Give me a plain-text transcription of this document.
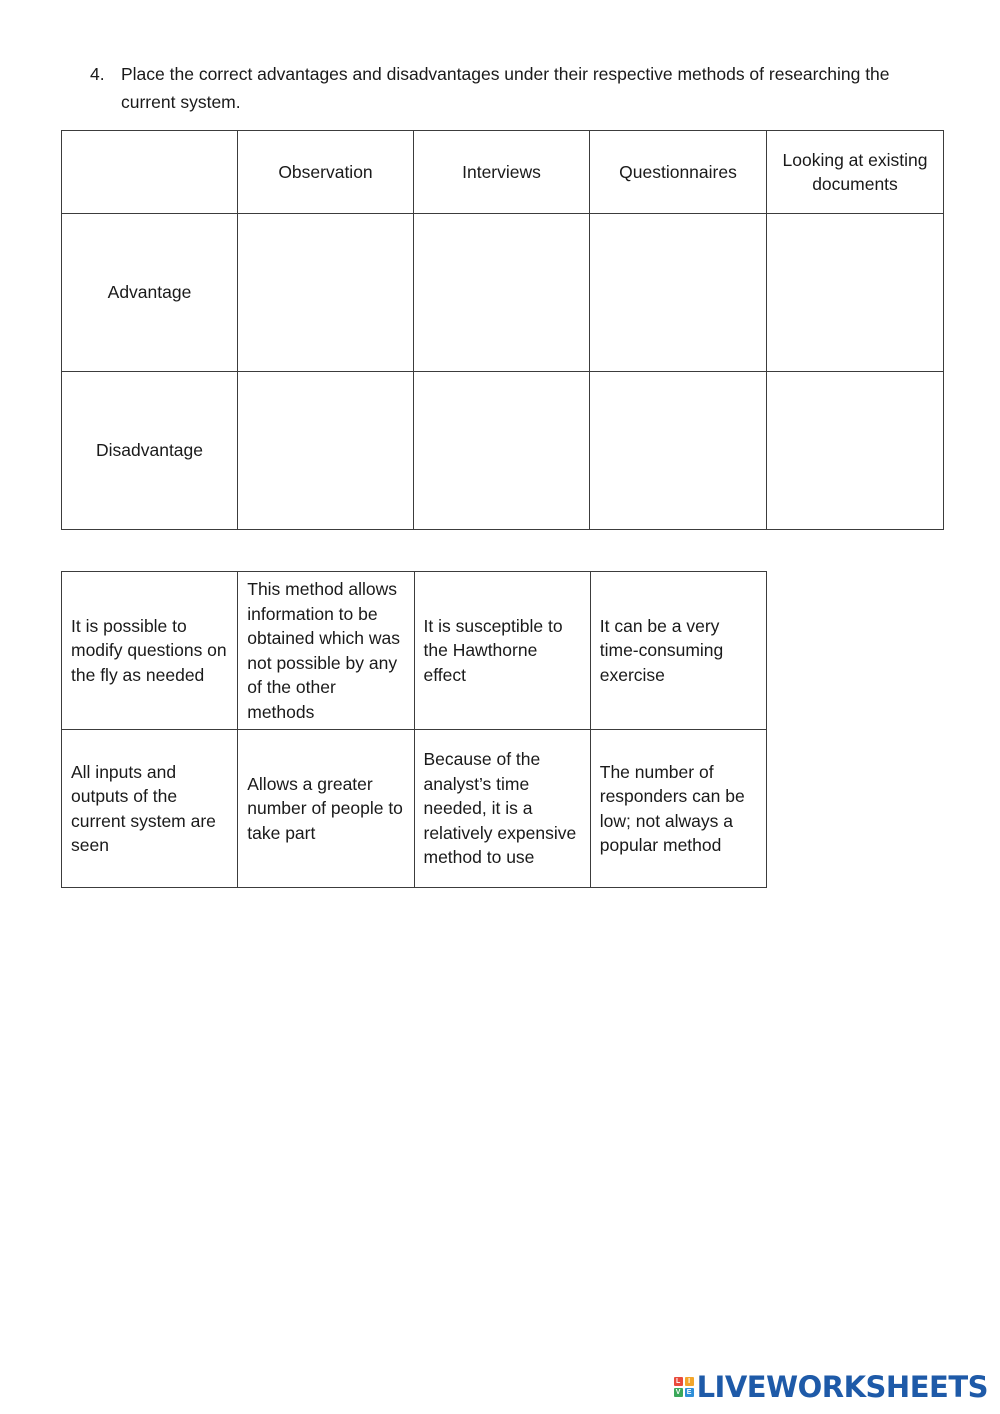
4. Place the correct advantages and disadvantages under their respective methods of researching the current system.
	Observation	Interviews	Questionnaires	Looking at existing documents
Advantage				
Disadvantage				
It is possible to modify questions on the fly as needed	This method allows information to be obtained which was not possible by any of the other methods	It is susceptible to the Hawthorne effect	It can be a very time-consuming exercise
All inputs and outputs of the current system are seen	Allows a greater number of people to take part	Because of the analyst’s time needed, it is a relatively expensive method to use	The number of responders can be low; not always a popular method
L	I
V E LIVEWORKSHEETS
